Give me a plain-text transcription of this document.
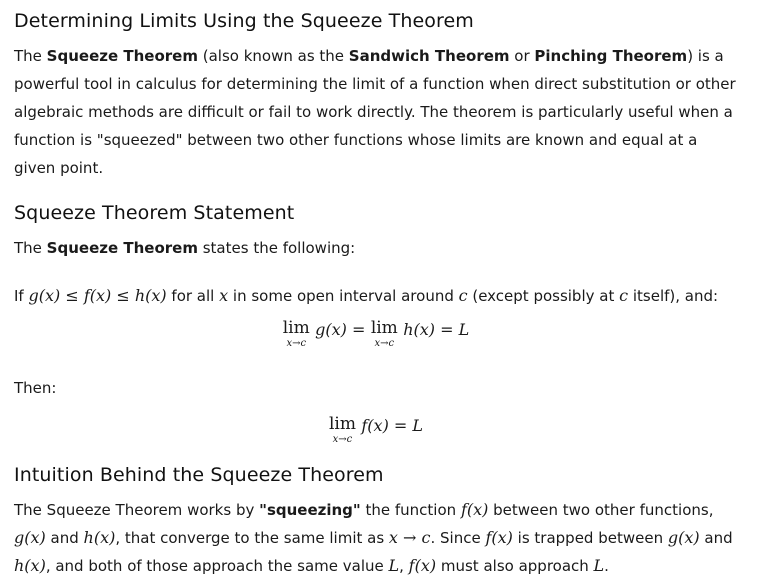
Determining Limits Using the Squeeze Theorem

The Squeeze Theorem (also known as the Sandwich Theorem or Pinching Theorem) is a powerful tool in calculus for determining the limit of a function when direct substitution or other algebraic methods are difficult or fail to work directly. The theorem is particularly useful when a function is "squeezed" between two other functions whose limits are known and equal at a given point.

Squeeze Theorem Statement

The Squeeze Theorem states the following:

If g(x) ≤ f(x) ≤ h(x) for all x in some open interval around c (except possibly at c itself), and:

lim
x→c
g(x) = lim
x→c
h(x) = L

Then:

lim
x→c
f(x) = L
Intuition Behind the Squeeze Theorem

The Squeeze Theorem works by "squeezing" the function f(x) between two other functions, g(x) and h(x), that converge to the same limit as x → c. Since f(x) is trapped between g(x) and h(x), and both of those approach the same value L, f(x) must also approach L.
